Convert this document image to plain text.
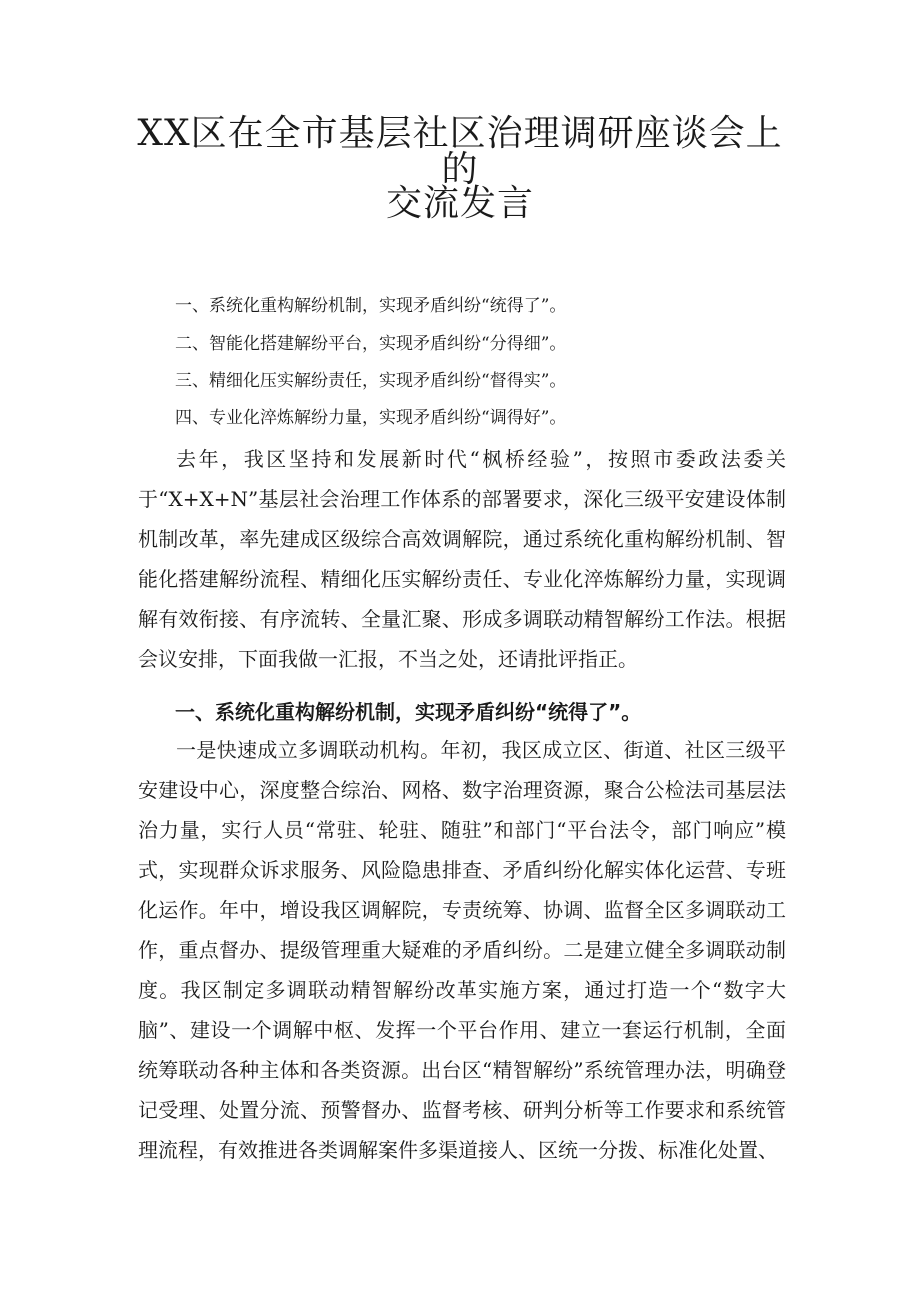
XX区在全市基层社区治理调研座谈会上的
交流发言

一、系统化重构解纷机制，实现矛盾纠纷“统得了”。

二、智能化搭建解纷平台，实现矛盾纠纷“分得细”。

三、精细化压实解纷责任，实现矛盾纠纷“督得实”。

四、专业化淬炼解纷力量，实现矛盾纠纷“调得好”。

去年，我区坚持和发展新时代“枫桥经验”，按照市委政法委关于“X+X+N”基层社会治理工作体系的部署要求，深化三级平安建设体制机制改革，率先建成区级综合高效调解院，通过系统化重构解纷机制、智能化搭建解纷流程、精细化压实解纷责任、专业化淬炼解纷力量，实现调解有效衔接、有序流转、全量汇聚、形成多调联动精智解纷工作法。根据会议安排，下面我做一汇报，不当之处，还请批评指正。

一、系统化重构解纷机制，实现矛盾纠纷“统得了”。

一是快速成立多调联动机构。年初，我区成立区、街道、社区三级平安建设中心，深度整合综治、网格、数字治理资源，聚合公检法司基层法治力量，实行人员“常驻、轮驻、随驻”和部门“平台法令，部门响应”模式，实现群众诉求服务、风险隐患排查、矛盾纠纷化解实体化运营、专班化运作。年中，增设我区调解院，专责统筹、协调、监督全区多调联动工作，重点督办、提级管理重大疑难的矛盾纠纷。二是建立健全多调联动制度。我区制定多调联动精智解纷改革实施方案，通过打造一个“数字大脑”、建设一个调解中枢、发挥一个平台作用、建立一套运行机制，全面统筹联动各种主体和各类资源。出台区“精智解纷”系统管理办法，明确登记受理、处置分流、预警督办、监督考核、研判分析等工作要求和系统管理流程，有效推进各类调解案件多渠道接人、区统一分拨、标准化处置、
